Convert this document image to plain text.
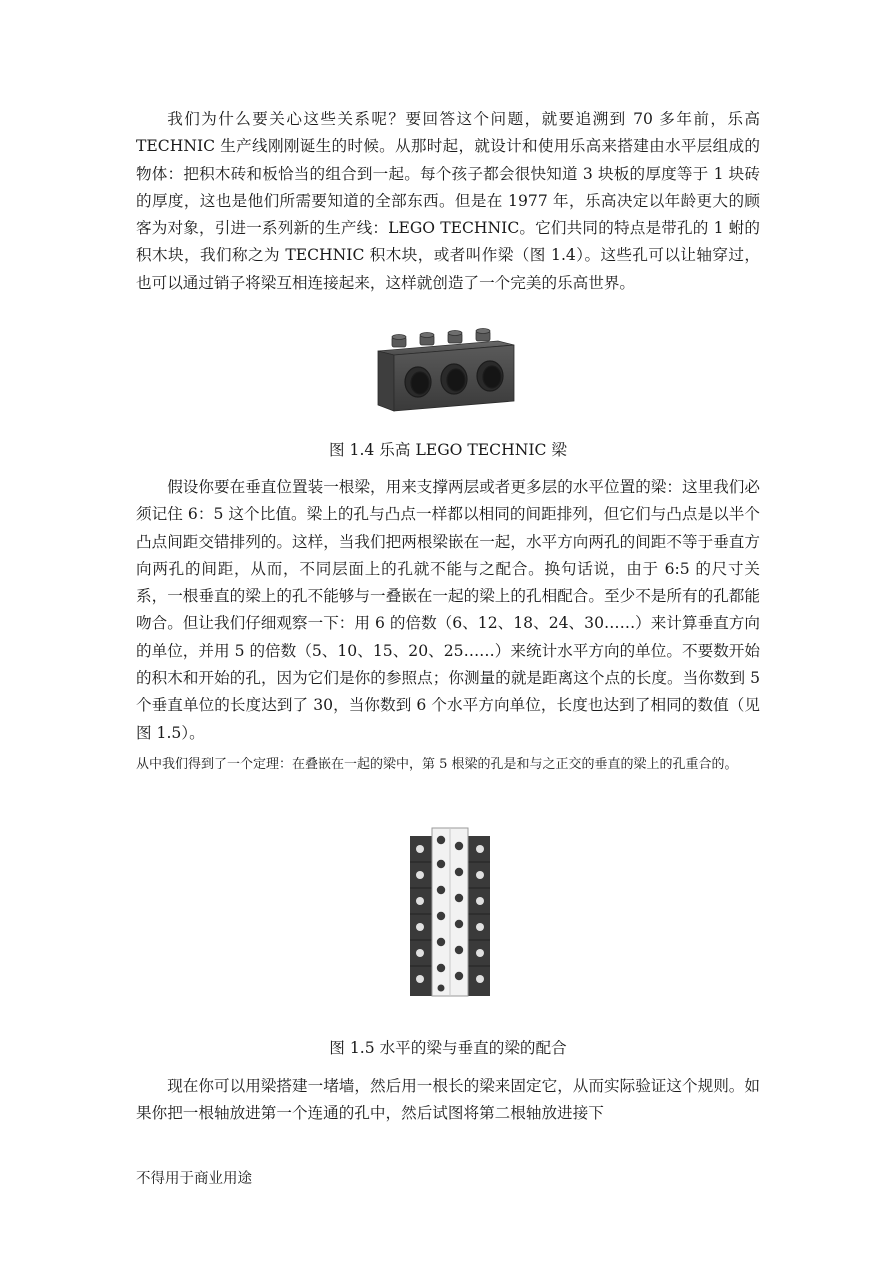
我们为什么要关心这些关系呢？要回答这个问题，就要追溯到 70 多年前，乐高 TECHNIC 生产线刚刚诞生的时候。从那时起，就设计和使用乐高来搭建由水平层组成的物体：把积木砖和板恰当的组合到一起。每个孩子都会很快知道 3 块板的厚度等于 1 块砖的厚度，这也是他们所需要知道的全部东西。但是在 1977 年，乐高决定以年龄更大的顾客为对象，引进一系列新的生产线：LEGO TECHNIC。它们共同的特点是带孔的 1 蚹的积木块，我们称之为 TECHNIC 积木块，或者叫作梁（图 1.4）。这些孔可以让轴穿过，也可以通过销子将梁互相连接起来，这样就创造了一个完美的乐高世界。

图 1.4 乐高 LEGO TECHNIC 梁

假设你要在垂直位置装一根梁，用来支撑两层或者更多层的水平位置的梁：这里我们必须记住 6：5 这个比值。梁上的孔与凸点一样都以相同的间距排列，但它们与凸点是以半个凸点间距交错排列的。这样，当我们把两根梁嵌在一起，水平方向两孔的间距不等于垂直方向两孔的间距，从而，不同层面上的孔就不能与之配合。换句话说，由于 6:5 的尺寸关系，一根垂直的梁上的孔不能够与一叠嵌在一起的梁上的孔相配合。至少不是所有的孔都能吻合。但让我们仔细观察一下：用 6 的倍数（6、12、18、24、30……）来计算垂直方向的单位，并用 5 的倍数（5、10、15、20、25……）来统计水平方向的单位。不要数开始的积木和开始的孔，因为它们是你的参照点；你测量的就是距离这个点的长度。当你数到 5 个垂直单位的长度达到了 30，当你数到 6 个水平方向单位，长度也达到了相同的数值（见图 1.5）。

从中我们得到了一个定理：在叠嵌在一起的梁中，第 5 根梁的孔是和与之正交的垂直的梁上的孔重合的。

图 1.5 水平的梁与垂直的梁的配合

现在你可以用梁搭建一堵墙，然后用一根长的梁来固定它，从而实际验证这个规则。如果你把一根轴放进第一个连通的孔中，然后试图将第二根轴放进接下

不得用于商业用途
